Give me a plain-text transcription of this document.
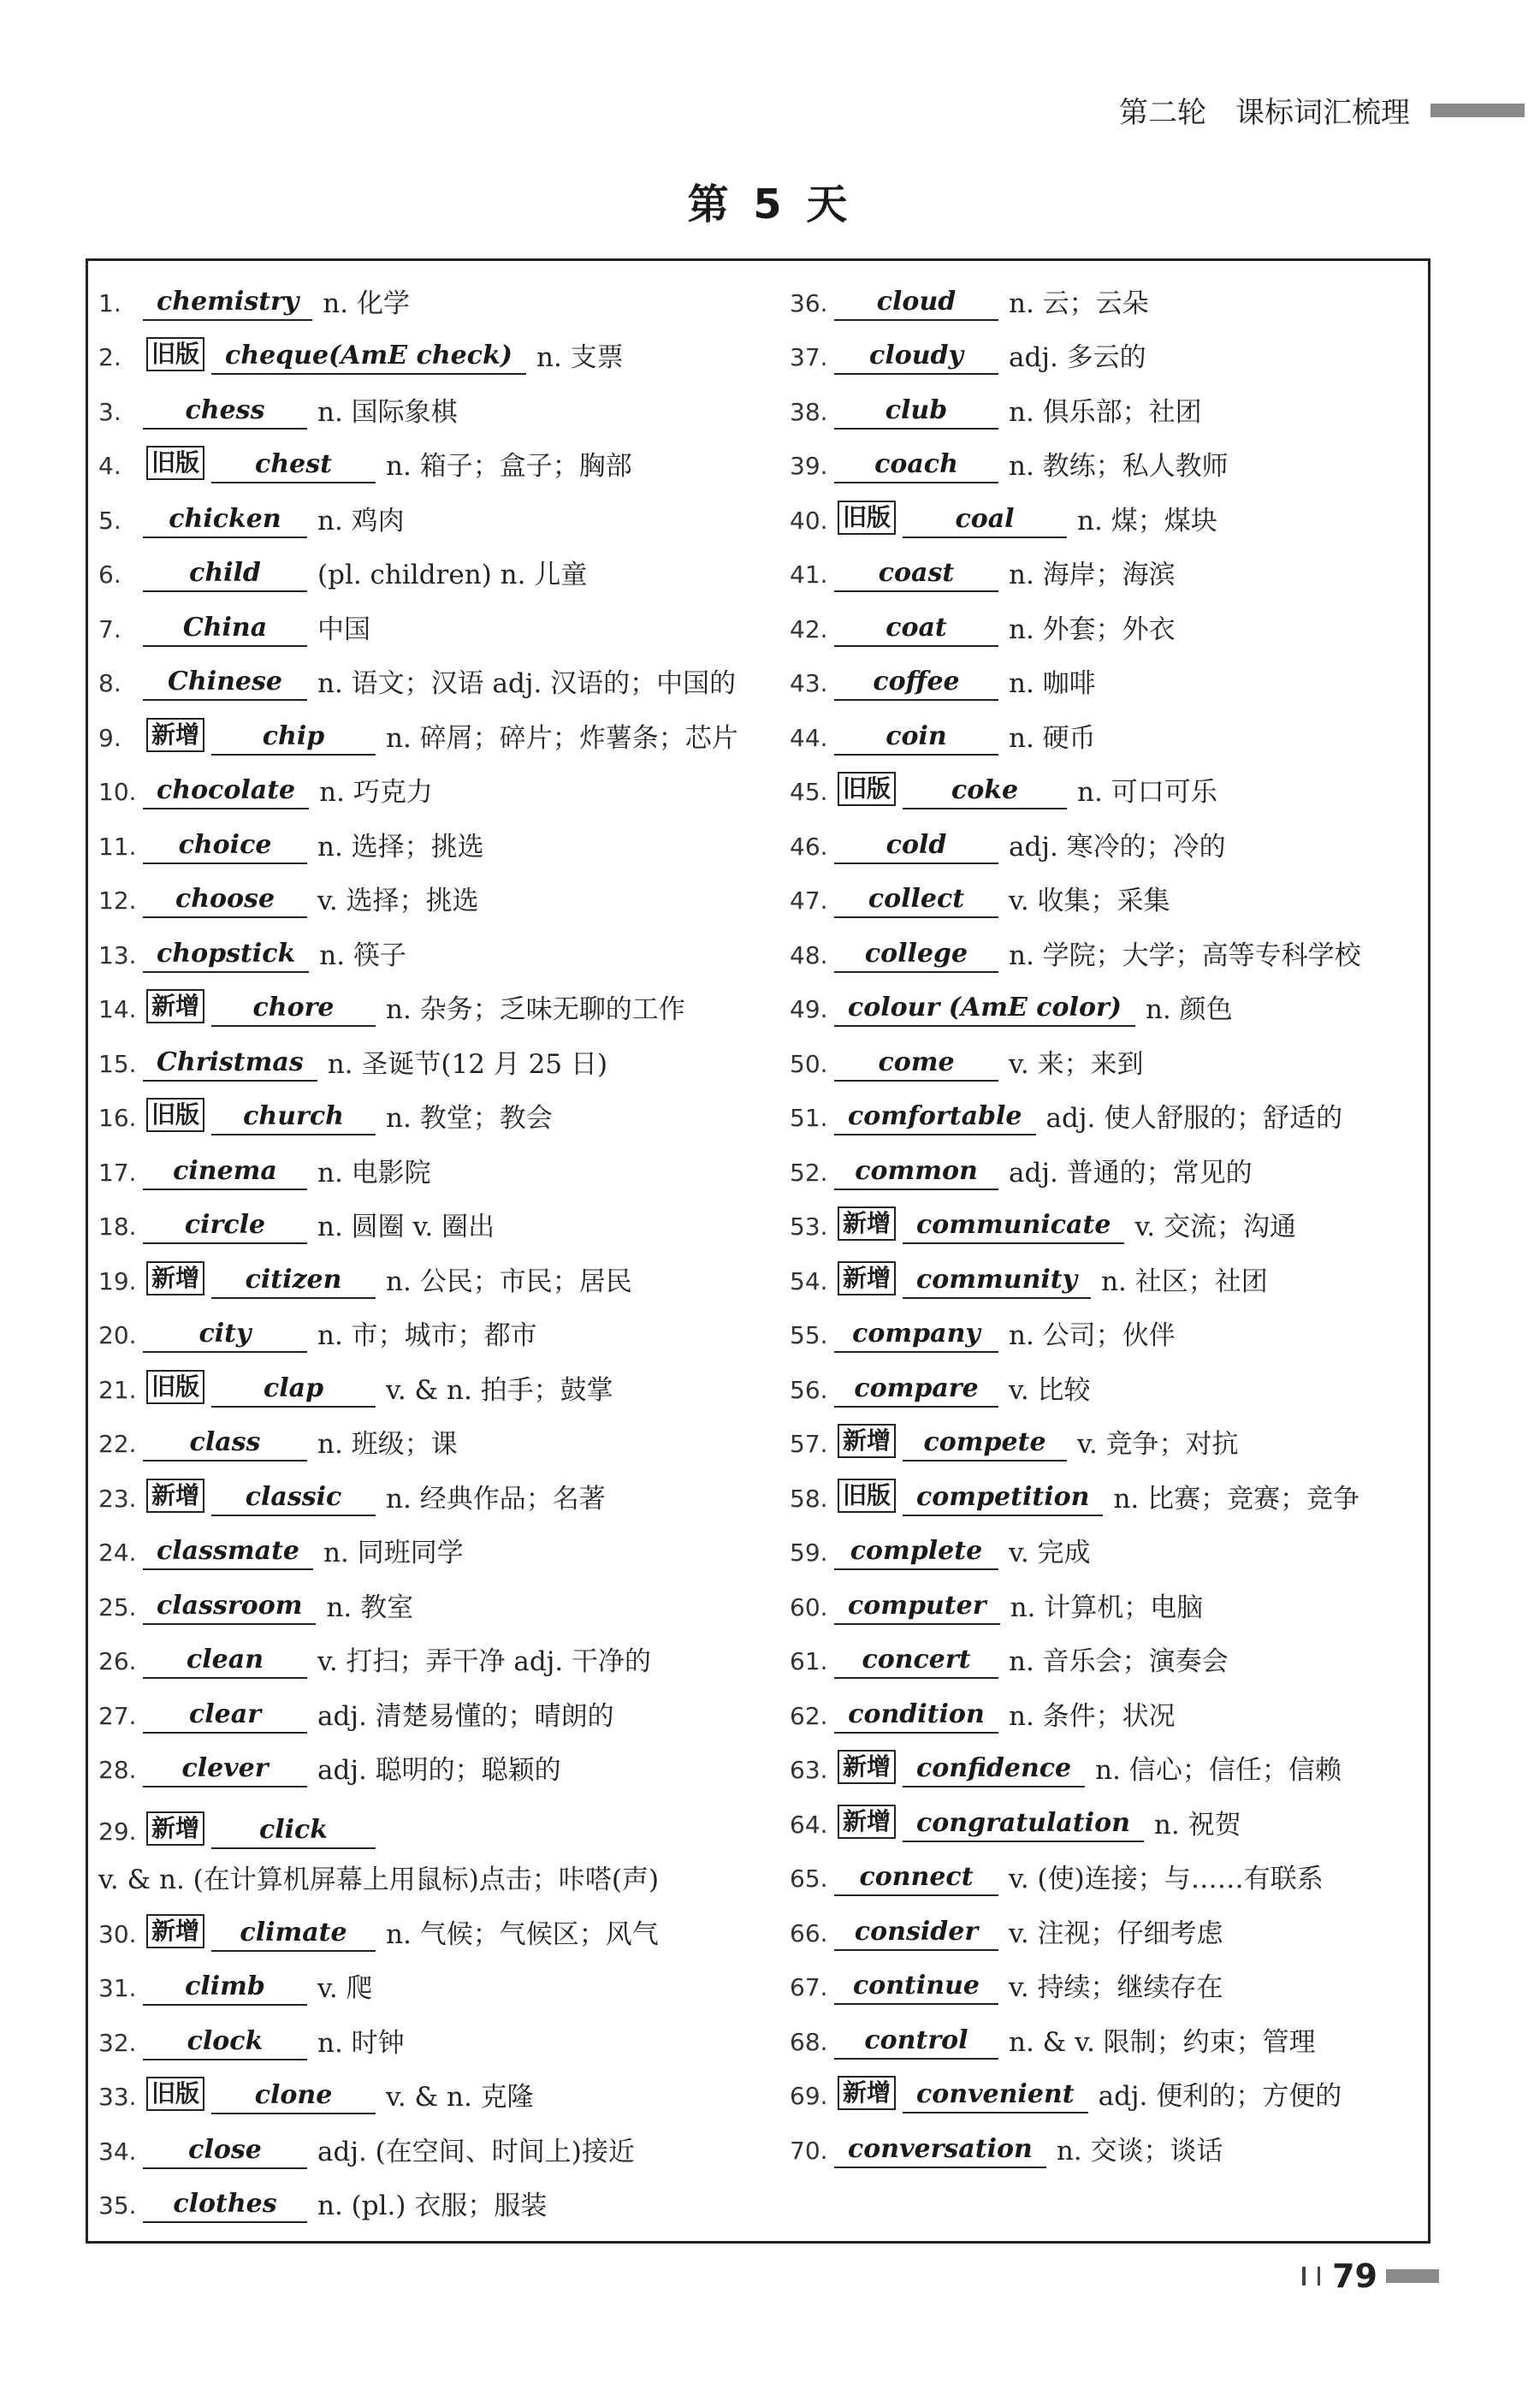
第二轮　课标词汇梳理
第 5 天
1.	chemistry n. 化学
2.	旧版	cheque(AmE check) n. 支票
3.	chess	n. 国际象棋
4.	旧版	chest	n. 箱子；盒子；胸部
5.	chicken	n. 鸡肉
6.	child	(pl. children) n. 儿童
7.	China	中国
8.	Chinese	n. 语文；汉语 adj. 汉语的；中国的
9.	新增	chip	n. 碎屑；碎片；炸薯条；芯片
10. chocolate n. 巧克力
11.	choice	n. 选择；挑选
12.	choose	v. 选择；挑选
13. chopstick n. 筷子
14. 新增	chore	n. 杂务；乏味无聊的工作
15. Christmas n. 圣诞节(12 月 25 日)
16. 旧版	church	n. 教堂；教会
17.	cinema	n. 电影院
18.	circle	n. 圆圈 v. 圈出
19. 新增	citizen	n. 公民；市民；居民
20.	city	n. 市；城市；都市
21. 旧版	clap	v. & n. 拍手；鼓掌
22.	class	n. 班级；课
23. 新增	classic	n. 经典作品；名著
24. classmate n. 同班同学
25. classroom n. 教室
26.	clean	v. 打扫；弄干净 adj. 干净的
27.	clear	adj. 清楚易懂的；晴朗的
28.	clever	adj. 聪明的；聪颖的
29. 新增	click
v. & n. (在计算机屏幕上用鼠标)点击；咔嗒(声)
30. 新增	climate	n. 气候；气候区；风气
31.	climb	v. 爬
32.	clock	n. 时钟
33. 旧版	clone	v. & n. 克隆
34.	close	adj. (在空间、时间上)接近
35.	clothes	n. (pl.) 衣服；服装
36.	cloud	n. 云；云朵
37.	cloudy	adj. 多云的
38.	club	n. 俱乐部；社团
39.	coach	n. 教练；私人教师
40. 旧版	coal	n. 煤；煤块
41.	coast	n. 海岸；海滨
42.	coat	n. 外套；外衣
43.	coffee	n. 咖啡
44.	coin	n. 硬币
45. 旧版	coke	n. 可口可乐
46.	cold	adj. 寒冷的；冷的
47.	collect	v. 收集；采集
48.	college	n. 学院；大学；高等专科学校
49. colour (AmE color) n. 颜色
50.	come	v. 来；来到
51. comfortable adj. 使人舒服的；舒适的
52.	common	adj. 普通的；常见的
53. 新增	communicate v. 交流；沟通
54. 新增	community n. 社区；社团
55. company	n. 公司；伙伴
56.	compare	v. 比较
57. 新增	compete	v. 竞争；对抗
58. 旧版	competition n. 比赛；竞赛；竞争
59. complete v. 完成
60. computer n. 计算机；电脑
61.	concert	n. 音乐会；演奏会
62. condition n. 条件；状况
63. 新增	confidence n. 信心；信任；信赖
64. 新增	congratulation n. 祝贺
65.	connect	v. (使)连接；与……有联系
66.	consider	v. 注视；仔细考虑
67. continue	v. 持续；继续存在
68.	control	n. & v. 限制；约束；管理
69. 新增	convenient adj. 便利的；方便的
70. conversation n. 交谈；谈话
79
